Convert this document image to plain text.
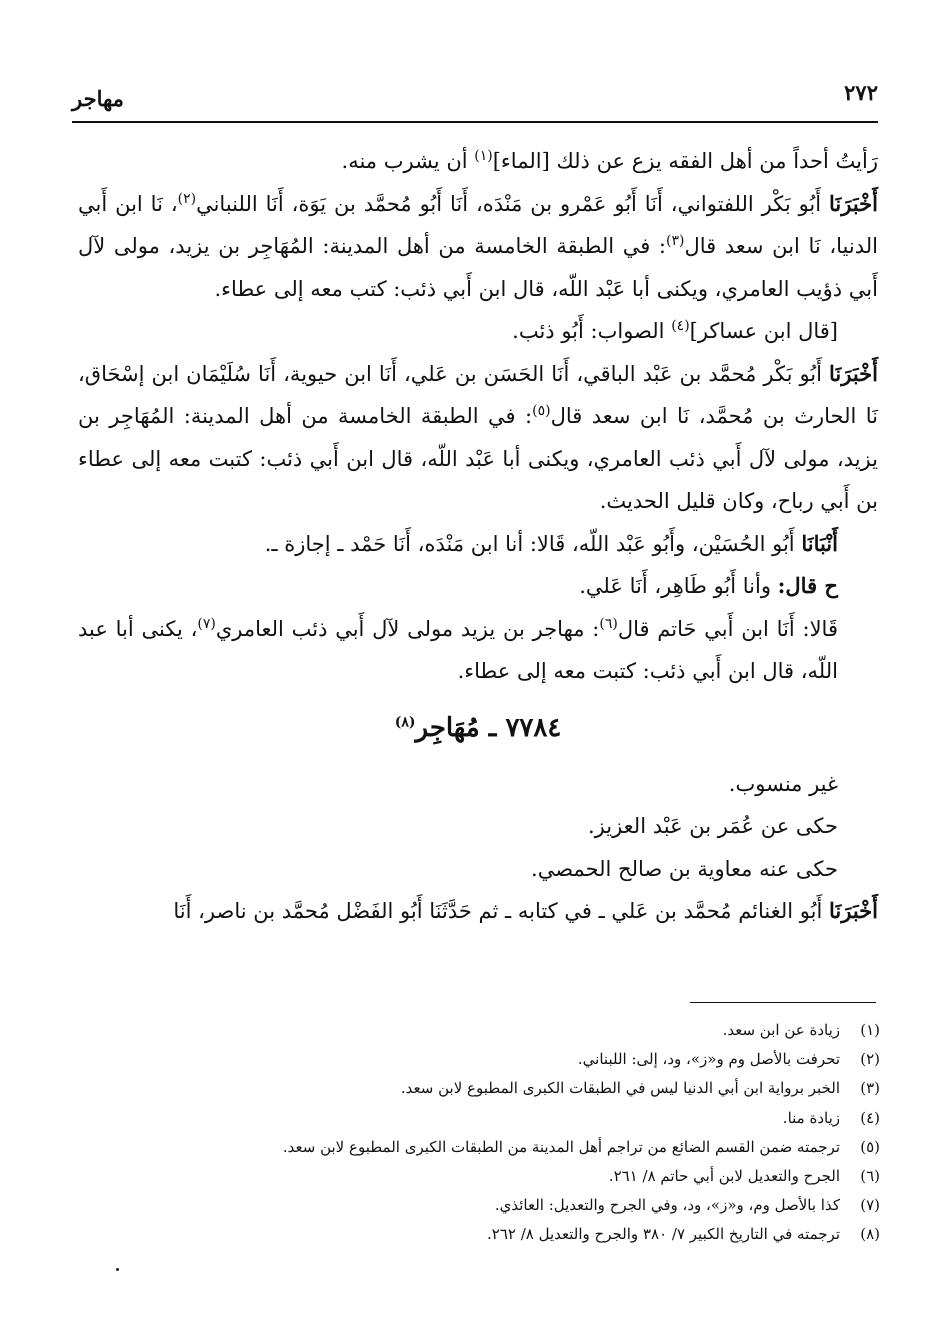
٢٧٢
مهاجر

رَأيتُ أحداً من أهل الفقه يزع عن ذلك [الماء]$^{(١)}$ أن يشرب منه.

أَخْبَرَنَا أَبُو بَكْر اللفتواني، أَنَا أَبُو عَمْرو بن مَنْدَه، أَنَا أَبُو مُحمَّد بن يَوَة، أَنَا اللنباني$^{(٢)}$، نَا ابن أَبي الدنيا، نَا ابن سعد قال$^{(٣)}$: في الطبقة الخامسة من أهل المدينة: المُهَاجِر بن يزيد، مولى لآل أَبي ذؤيب العامري، ويكنى أبا عَبْد اللّه، قال ابن أَبي ذئب: كتب معه إلى عطاء.

[قال ابن عساكر]$^{(٤)}$ الصواب: أَبُو ذئب.

أَخْبَرَنَا أَبُو بَكْر مُحمَّد بن عَبْد الباقي، أَنَا الحَسَن بن عَلي، أَنَا ابن حيوية، أَنَا سُلَيْمَان ابن إسْحَاق، نَا الحارث بن مُحمَّد، نَا ابن سعد قال$^{(٥)}$: في الطبقة الخامسة من أهل المدينة: المُهَاجِر بن يزيد، مولى لآل أَبي ذئب العامري، ويكنى أبا عَبْد اللّه، قال ابن أَبي ذئب: كتبت معه إلى عطاء بن أَبي رباح، وكان قليل الحديث.

أَنْبَانَا أَبُو الحُسَيْن، وأَبُو عَبْد اللّه، قَالا: أنا ابن مَنْدَه، أَنَا حَمْد ـ إجازة ـ.

ح قال: وأنا أَبُو طَاهِر، أَنَا عَلي.

قَالا: أَنَا ابن أَبي حَاتم قال$^{(٦)}$: مهاجر بن يزيد مولى لآل أَبي ذئب العامري$^{(٧)}$، يكنى أبا عبد اللّه، قال ابن أَبي ذئب: كتبت معه إلى عطاء.

٧٧٨٤ ـ مُهَاجِر$^{(٨)}$

غير منسوب.

حكى عن عُمَر بن عَبْد العزيز.

حكى عنه معاوية بن صالح الحمصي.

أَخْبَرَنَا أَبُو الغنائم مُحمَّد بن عَلي ـ في كتابه ـ ثم حَدَّثَنَا أَبُو الفَضْل مُحمَّد بن ناصر، أَنَا

(١)
زيادة عن ابن سعد.
(٢)
تحرفت بالأصل وم و«ز»، ود، إلى: اللبناني.
(٣)
الخبر برواية ابن أبي الدنيا ليس في الطبقات الكبرى المطبوع لابن سعد.
(٤)
زيادة منا.
(٥)
ترجمته ضمن القسم الضائع من تراجم أهل المدينة من الطبقات الكبرى المطبوع لابن سعد.
(٦)
الجرح والتعديل لابن أبي حاتم ٨/ ٢٦١.
(٧)
كذا بالأصل وم، و«ز»، ود، وفي الجرح والتعديل: العائذي.
(٨)
ترجمته في التاريخ الكبير ٧/ ٣٨٠ والجرح والتعديل ٨/ ٢٦٢.
